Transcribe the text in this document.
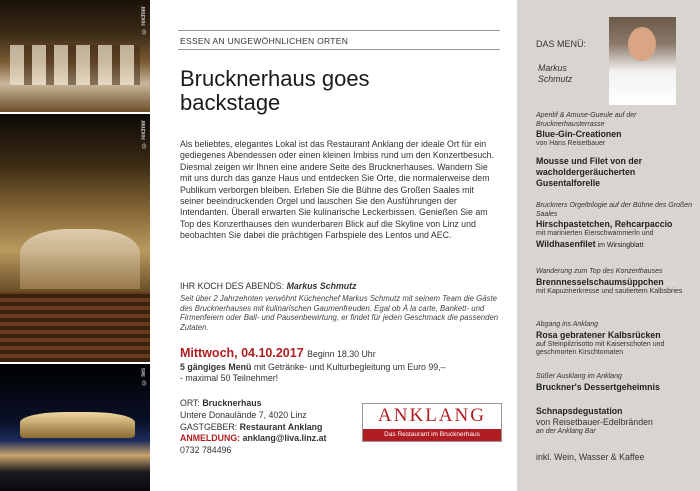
© reichler
© reichler
© lws
ESSEN AN UNGEWÖHNLICHEN ORTEN
Brucknerhaus goes
backstage

Als beliebtes, elegantes Lokal ist das Restaurant Anklang der ideale Ort für ein gediegenes Abendessen oder einen kleinen Imbiss rund um den Konzertbesuch. Diesmal zeigen wir Ihnen eine andere Seite des Brucknerhauses. Wandern Sie mit uns durch das ganze Haus und entdecken Sie Orte, die normalerweise dem Publikum verborgen bleiben. Erleben Sie die Bühne des Großen Saales mit seiner beeindruckenden Orgel und lauschen Sie den Ausführungen der Intendanten. Überall erwarten Sie kulinarische Leckerbissen. Genießen Sie am Top des Konzerthauses den wunderbaren Blick auf die Skyline von Linz und beobachten Sie dabei die prächtigen Farbspiele des Lentos und AEC.

IHR KOCH DES ABENDS: Markus Schmutz

Seit über 2 Jahrzehnten verwöhnt Küchenchef Markus Schmutz mit seinem Team die Gäste des Brucknerhauses mit kulinarischen Gaumenfreuden. Egal ob À la carte, Bankett- und Firmenfeiern oder Ball- und Pausenbewirtung, er findet für jeden Geschmack die passenden Zutaten.

Mittwoch, 04.10.2017 Beginn 18.30 Uhr
5 gängiges Menü mit Getränke- und Kulturbegleitung um Euro 99,–
- maximal 50 Teilnehmer!
ORT: Brucknerhaus
Untere Donaulände 7, 4020 Linz
GASTGEBER: Restaurant Anklang
ANMELDUNG: anklang@liva.linz.at
0732 784496
ANKLANG
Das Restaurant im Brucknerhaus
DAS MENÜ:
Markus
Schmutz
Aperitif & Amuse-Gueule auf der Brucknerhausterrasse
Blue-Gin-Creationen
von Hans Reisetbauer
Mousse und Filet von der wacholdergeräucherten Gusentalforelle
Bruckners Orgeltrilogie auf der Bühne des Großen Saales
Hirschpastetchen, Rehcarpaccio
mit marinierten Eierschwammerln und
Wildhasenfilet im Wirsingblatt
Wanderung zum Top des Konzerthauses
Brennnesselschaumsüppchen
mit Kapuzinerkresse und sautiertem Kalbsbries
Abgang ins Anklang
Rosa gebratener Kalbsrücken
auf Steinpilzrisotto mit Kaiserschoten und geschmorten Kirschtomaten
Süßer Ausklang im Anklang
Bruckner's Dessertgeheimnis
Schnapsdegustation
von Reisetbauer-Edelbränden
an der Anklang Bar
inkl. Wein, Wasser & Kaffee
